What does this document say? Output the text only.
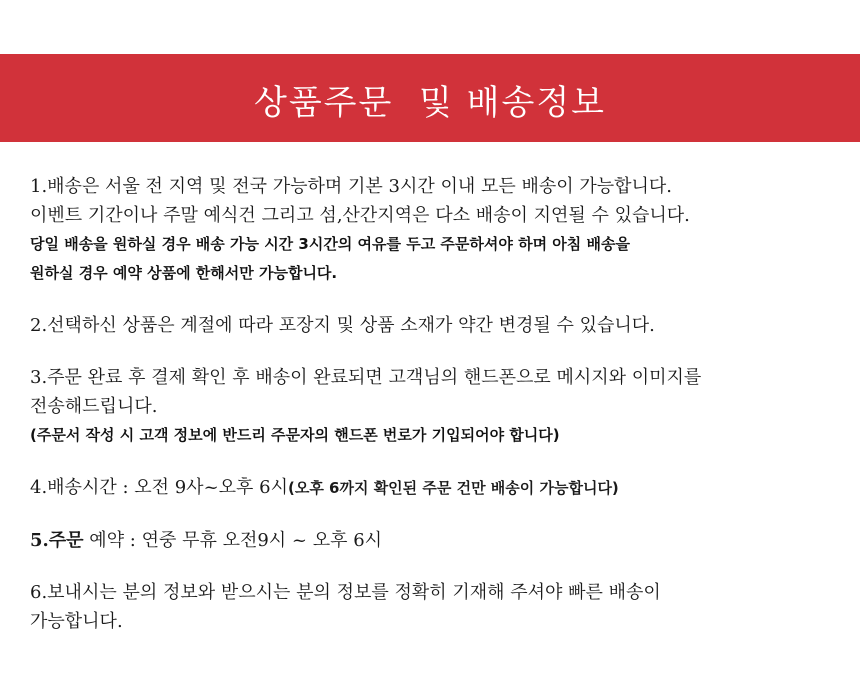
상품주문  및 배송정보
1.배송은 서울 전 지역 및 전국 가능하며 기본 3시간 이내 모든 배송이 가능합니다.
이벤트 기간이나 주말 예식건 그리고 섬,산간지역은 다소 배송이 지연될 수 있습니다.
당일 배송을 원하실 경우 배송 가능 시간 3시간의 여유를 두고 주문하셔야 하며 아침 배송을
원하실 경우 예약 상품에 한해서만 가능합니다.
2.선택하신 상품은 계절에 따라 포장지 및 상품 소재가 약간 변경될 수 있습니다.
3.주문 완료 후 결제 확인 후 배송이 완료되면 고객님의 핸드폰으로 메시지와 이미지를
전송해드립니다.
(주문서 작성 시 고객 정보에 반드리 주문자의 핸드폰 번로가 기입되어야 합니다)
4.배송시간 : 오전 9사~오후 6시(오후 6까지 확인된 주문 건만 배송이 가능합니다)
5.주문 예약 : 연중 무휴 오전9시 ~ 오후 6시
6.보내시는 분의 정보와 받으시는 분의 정보를 정확히 기재해 주셔야 빠른 배송이
가능합니다.
